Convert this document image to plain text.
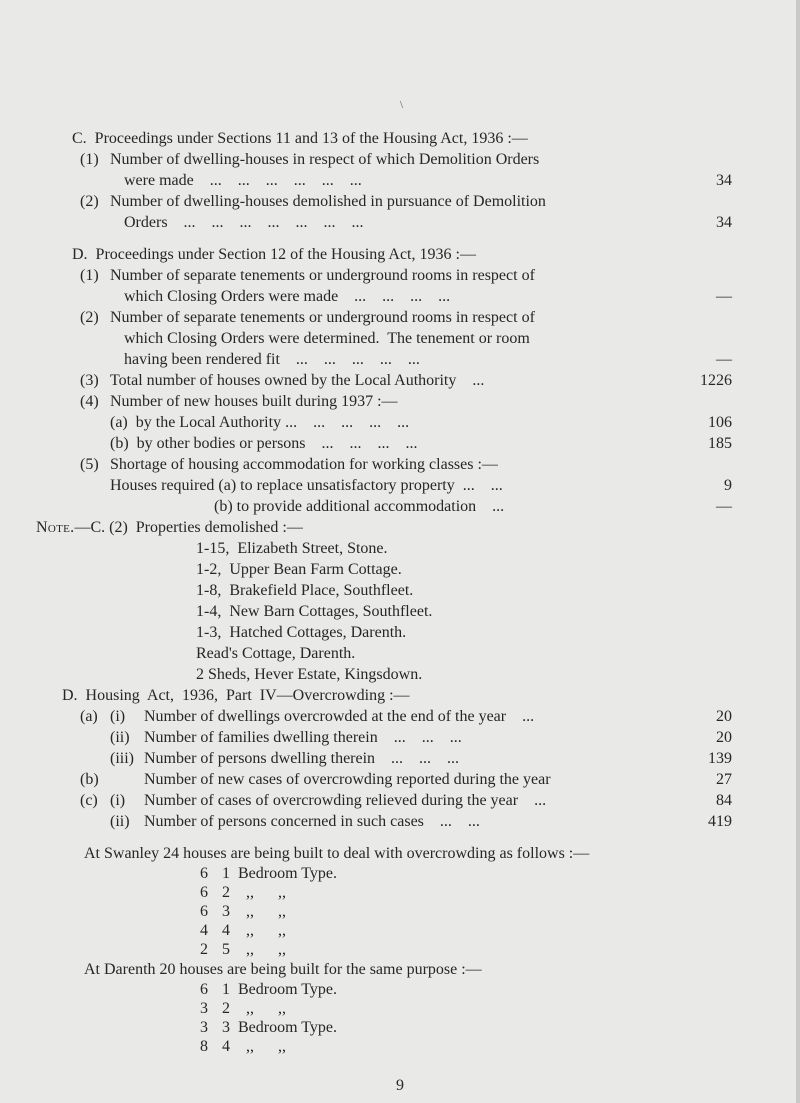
\
C.  Proceedings under Sections 11 and 13 of the Housing Act, 1936 :—
(1) Number of dwelling-houses in respect of which Demolition Orders
were made    ...    ...    ...    ...    ...    ...	34
(2) Number of dwelling-houses demolished in pursuance of Demolition
Orders    ...    ...    ...    ...    ...    ...    ...	34
D.  Proceedings under Section 12 of the Housing Act, 1936 :—
(1) Number of separate tenements or underground rooms in respect of
which Closing Orders were made    ...    ...    ...    ...	—
(2) Number of separate tenements or underground rooms in respect of
which Closing Orders were determined.  The tenement or room
having been rendered fit    ...    ...    ...    ...    ...	—
(3) Total number of houses owned by the Local Authority    ...	1226
(4) Number of new houses built during 1937 :—
(a)  by the Local Authority ...    ...    ...    ...    ...	106
(b)  by other bodies or persons    ...    ...    ...    ...	185
(5) Shortage of housing accommodation for working classes :—
Houses required (a) to replace unsatisfactory property  ...    ...	9
(b) to provide additional accommodation    ...	—
Note.—C. (2)  Properties demolished :—
1-15,  Elizabeth Street, Stone.
1-2,  Upper Bean Farm Cottage.
1-8,  Brakefield Place, Southfleet.
1-4,  New Barn Cottages, Southfleet.
1-3,  Hatched Cottages, Darenth.
Read's Cottage, Darenth.
2 Sheds, Hever Estate, Kingsdown.
D.  Housing  Act,  1936,  Part  IV—Overcrowding :—
(a) (i) Number of dwellings overcrowded at the end of the year    ...	20
(ii) Number of families dwelling therein    ...    ...    ...	20
(iii) Number of persons dwelling therein    ...    ...    ...	139
(b)	Number of new cases of overcrowding reported during the year	27
(c) (i) Number of cases of overcrowding relieved during the year    ...	84
(ii) Number of persons concerned in such cases    ...    ...	419
At Swanley 24 houses are being built to deal with overcrowding as follows :—
6 1 Bedroom Type.
6 2 ,,      ,,
6 3 ,,      ,,
4 4 ,,      ,,
2 5 ,,      ,,
At Darenth 20 houses are being built for the same purpose :—
6 1 Bedroom Type.
3 2 ,,      ,,
3 3 Bedroom Type.
8 4 ,,      ,,
9
